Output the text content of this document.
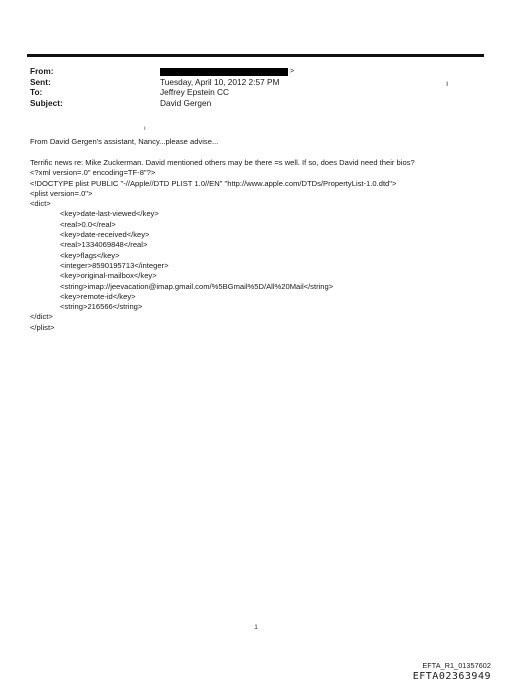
From:	>
Sent:	Tuesday, April 10, 2012 2:57 PM
To:	Jeffrey Epstein CC
Subject:	David Gergen
ı
ı
From David Gergen's assistant, Nancy...please advise...
Terrific news re: Mike Zuckerman. David mentioned others may be there =s well. If so, does David need their bios?
<?xml version=.0" encoding=TF-8"?>
<!DOCTYPE plist PUBLIC "-//Apple//DTD PLIST 1.0//EN" "http://www.apple.com/DTDs/PropertyList-1.0.dtd">
<plist version=.0">
<dict>
<key>date-last-viewed</key>
<real>0.0</real>
<key>date-received</key>
<real>1334069848</real>
<key>flags</key>
<integer>8590195713</integer>
<key>original-mailbox</key>
<string>imap://jeevacation@imap.gmail.com/%5BGmail%5D/All%20Mail</string>
<key>remote-id</key>
<string>216566</string>
</dict>
</plist>
1
EFTA_R1_01357602
EFTA02363949
